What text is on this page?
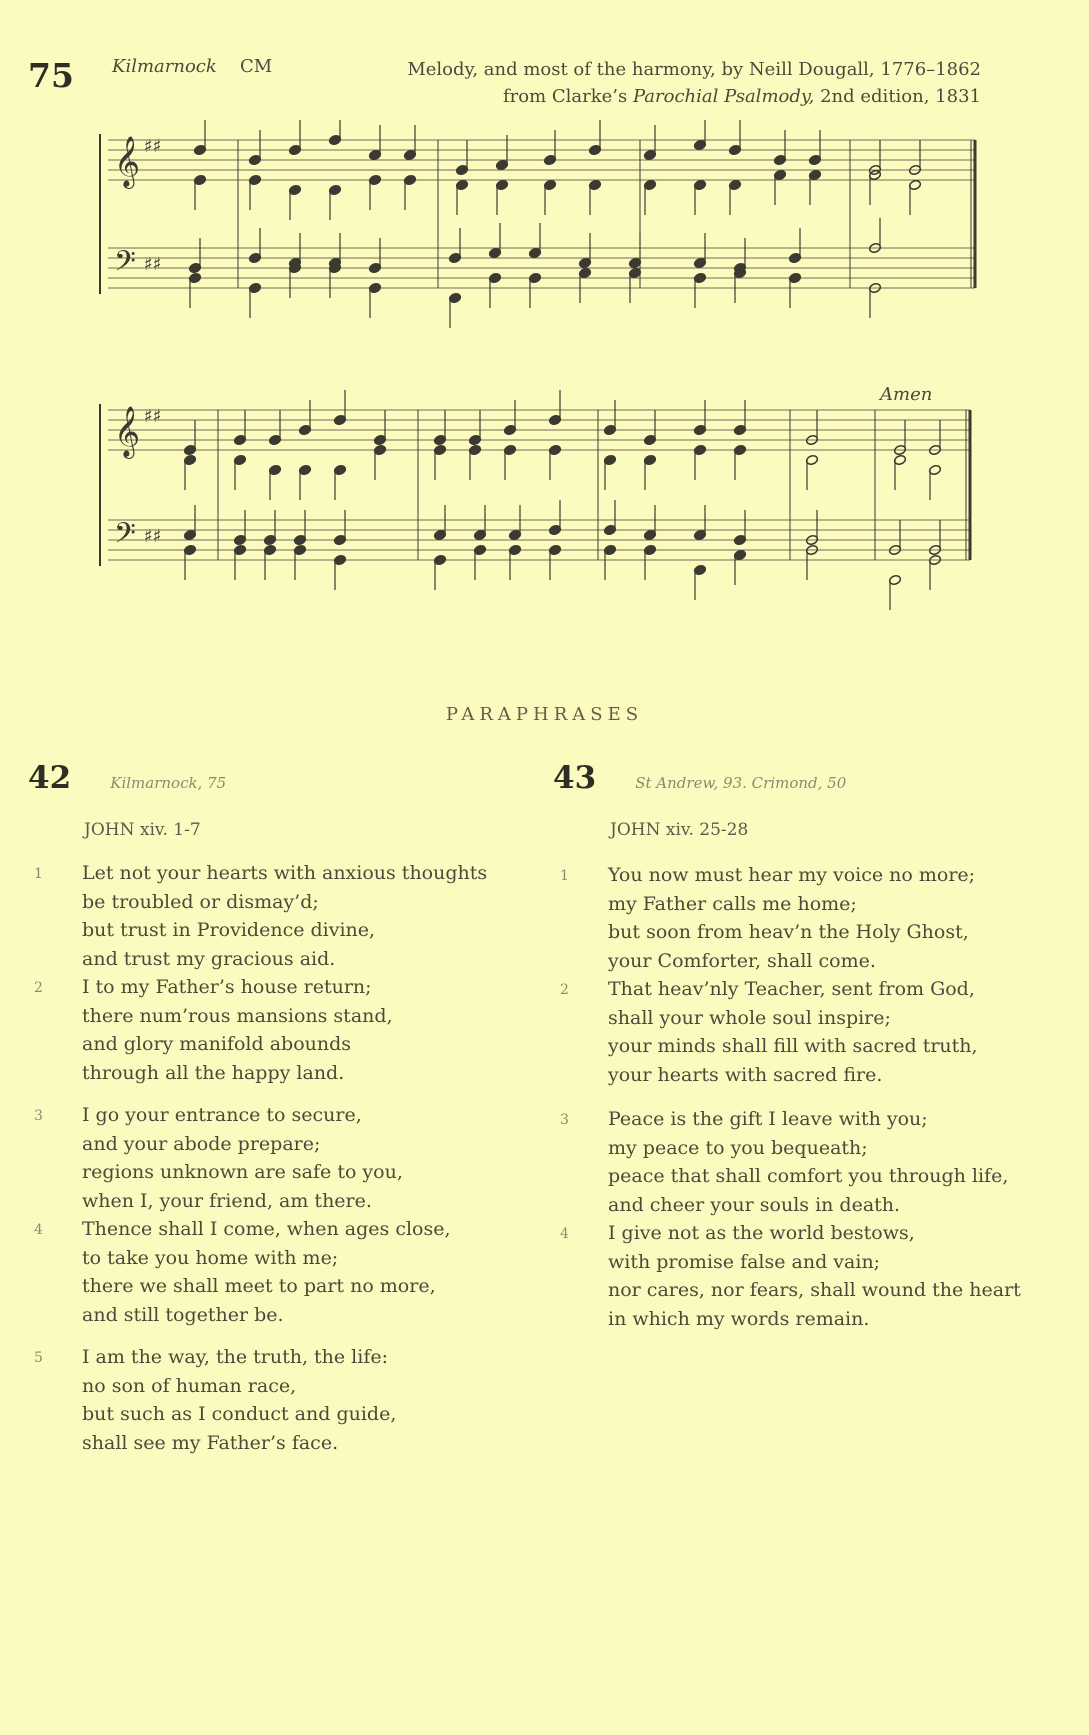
75 Kilmarnock CM	Melody, and most of the harmony, by Neill Dougall, 1776–1862
from Clarke’s Parochial Psalmody, 2nd edition, 1831
𝄞 ♯♯
𝄢 ♯♯
Amen
𝄞 ♯♯
𝄢 ♯♯
PARAPHRASES
42	Kilmarnock, 75
JOHN xiv. 1-7
1 Let not your hearts with anxious thoughts
be troubled or dismay’d;
but trust in Providence divine,
and trust my gracious aid.
2 I to my Father’s house return;
there num’rous mansions stand,
and glory manifold abounds
through all the happy land.
3 I go your entrance to secure,
and your abode prepare;
regions unknown are safe to you,
when I, your friend, am there.
4 Thence shall I come, when ages close,
to take you home with me;
there we shall meet to part no more,
and still together be.
5 I am the way, the truth, the life:
no son of human race,
but such as I conduct and guide,
shall see my Father’s face.
43	St Andrew, 93. Crimond, 50
JOHN xiv. 25-28
1 You now must hear my voice no more;
my Father calls me home;
but soon from heav’n the Holy Ghost,
your Comforter, shall come.
2 That heav’nly Teacher, sent from God,
shall your whole soul inspire;
your minds shall fill with sacred truth,
your hearts with sacred fire.
3 Peace is the gift I leave with you;
my peace to you bequeath;
peace that shall comfort you through life,
and cheer your souls in death.
4 I give not as the world bestows,
with promise false and vain;
nor cares, nor fears, shall wound the heart
in which my words remain.
